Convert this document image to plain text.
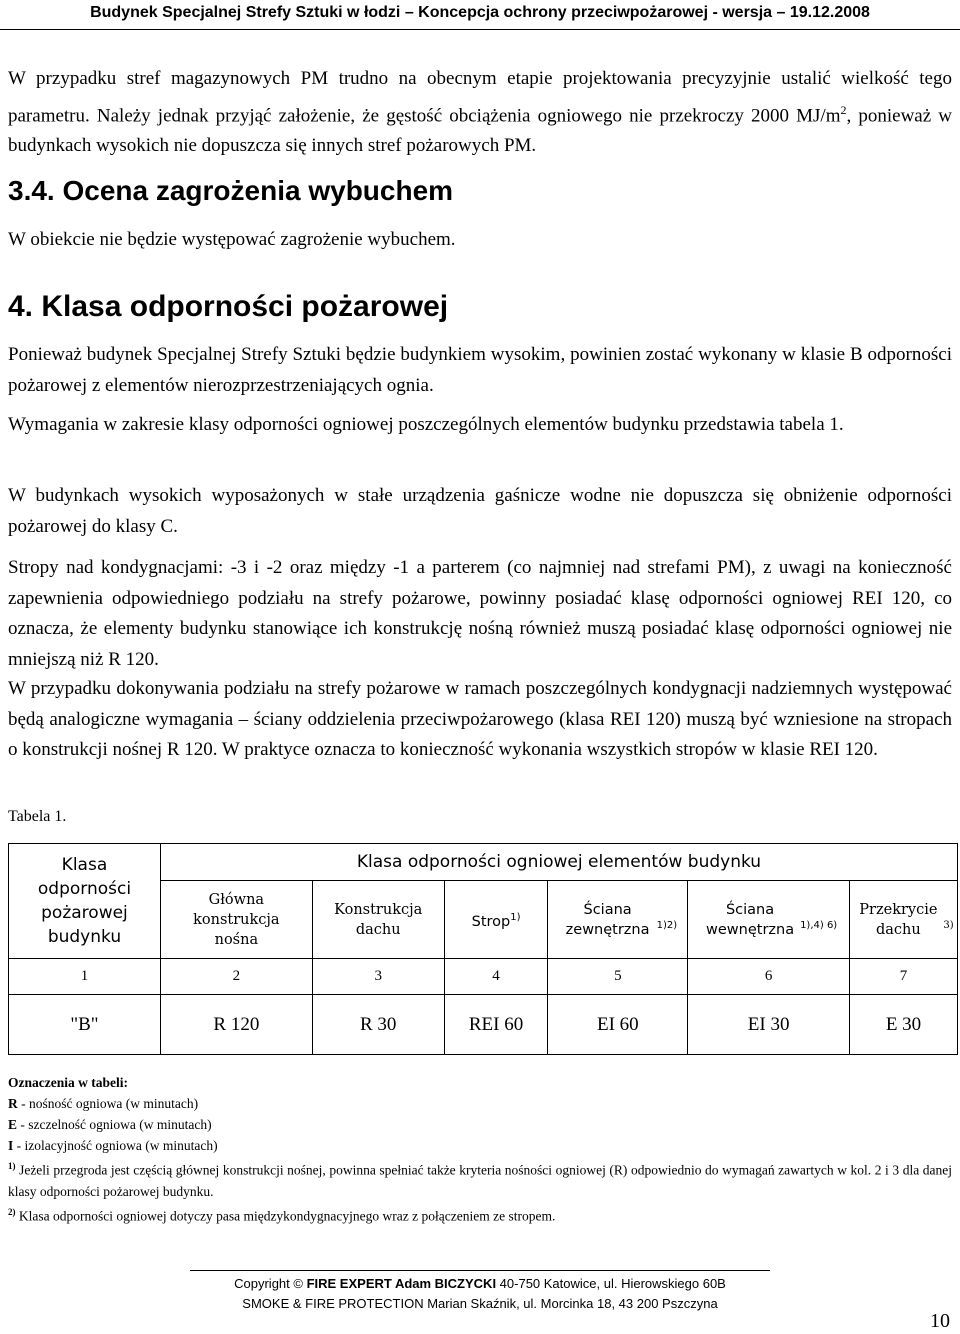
Budynek Specjalnej Strefy Sztuki w łodzi – Koncepcja ochrony przeciwpożarowej - wersja – 19.12.2008

W przypadku stref magazynowych PM trudno na obecnym etapie projektowania precyzyjnie ustalić wielkość tego parametru. Należy jednak przyjąć założenie, że gęstość obciążenia ogniowego nie przekroczy 2000 $MJ/m^2$, ponieważ w budynkach wysokich nie dopuszcza się innych stref pożarowych PM.

3.4. Ocena zagrożenia wybuchem

W obiekcie nie będzie występować zagrożenie wybuchem.

4. Klasa odporności pożarowej

Ponieważ budynek Specjalnej Strefy Sztuki będzie budynkiem wysokim, powinien zostać wykonany w klasie B odporności pożarowej z elementów nierozprzestrzeniających ognia.

Wymagania w zakresie klasy odporności ogniowej poszczególnych elementów budynku przedstawia tabela 1.

W budynkach wysokich wyposażonych w stałe urządzenia gaśnicze wodne nie dopuszcza się obniżenie odporności pożarowej do klasy C.

Stropy nad kondygnacjami: -3 i -2 oraz między -1 a parterem (co najmniej nad strefami PM), z uwagi na konieczność zapewnienia odpowiedniego podziału na strefy pożarowe, powinny posiadać klasę odporności ogniowej REI 120, co oznacza, że elementy budynku stanowiące ich konstrukcję nośną również muszą posiadać klasę odporności ogniowej nie mniejszą niż R 120.

W przypadku dokonywania podziału na strefy pożarowe w ramach poszczególnych kondygnacji nadziemnych występować będą analogiczne wymagania – ściany oddzielenia przeciwpożarowego (klasa REI 120) muszą być wzniesione na stropach o konstrukcji nośnej R 120. W praktyce oznacza to konieczność wykonania wszystkich stropów w klasie REI 120.

Tabela 1.
Klasa odporności pożarowej budynku	Klasa odporności ogniowej elementów budynku					
	Główna konstrukcja nośna	Konstrukcja dachu	Strop$^{1)}$	Ściana zewnętrzna $^{1)2)}$	Ściana wewnętrzna $^{1),4) 6)}$	Przekrycie dachu $^{3)}$
1	2	3	4	5	6	7
"B"	R 120	R 30	REI 60	EI 60	EI 30	E 30
Oznaczenia w tabeli:
R - nośność ogniowa (w minutach)
E - szczelność ogniowa (w minutach)
I - izolacyjność ogniowa (w minutach)
$^{1)}$ Jeżeli przegroda jest częścią głównej konstrukcji nośnej, powinna spełniać także kryteria nośności ogniowej (R) odpowiednio do wymagań zawartych w kol. 2 i 3 dla danej klasy odporności pożarowej budynku.
$^{2)}$ Klasa odporności ogniowej dotyczy pasa międzykondygnacyjnego wraz z połączeniem ze stropem.
Copyright © FIRE EXPERT Adam BICZYCKI 40-750 Katowice, ul. Hierowskiego 60B
SMOKE & FIRE PROTECTION Marian Skaźnik, ul. Morcinka 18, 43 200 Pszczyna
10
